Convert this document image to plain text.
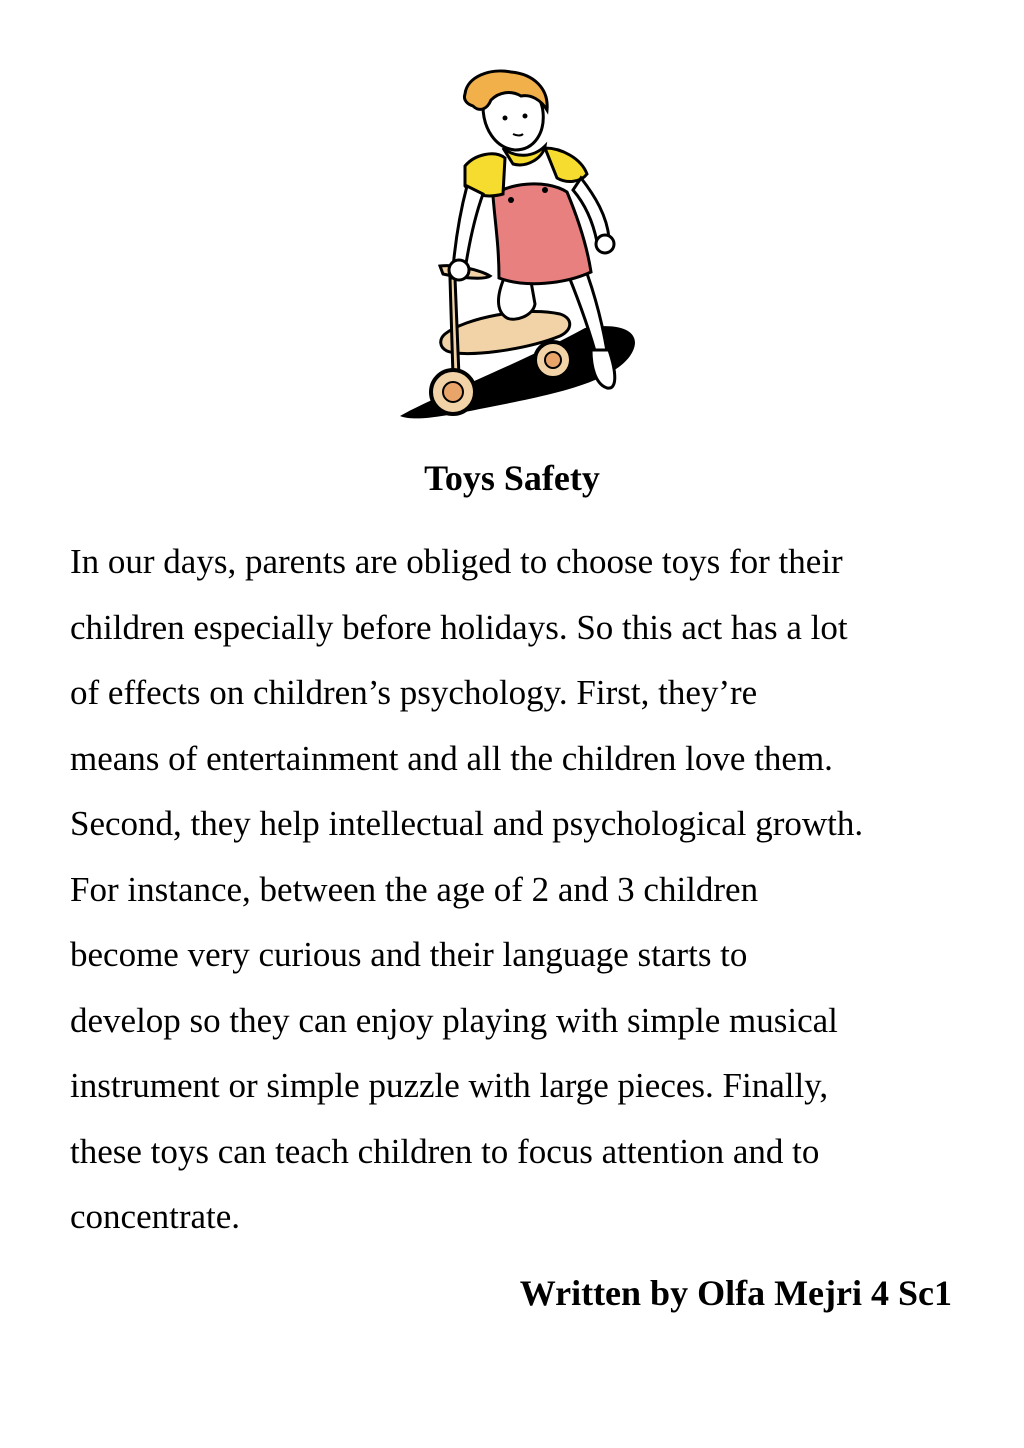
Toys Safety
In our days, parents are obliged to choose toys for their
children especially before holidays. So this act has a lot
of effects on children’s psychology. First, they’re
means of entertainment and all the children love them.
Second, they help intellectual and psychological growth.
For instance, between the age of 2 and 3 children
become very curious and their language starts to
develop so they can enjoy playing with simple musical
instrument or simple puzzle with large pieces. Finally,
these toys can teach children to focus attention and to
concentrate.

Written by Olfa Mejri 4 Sc1
